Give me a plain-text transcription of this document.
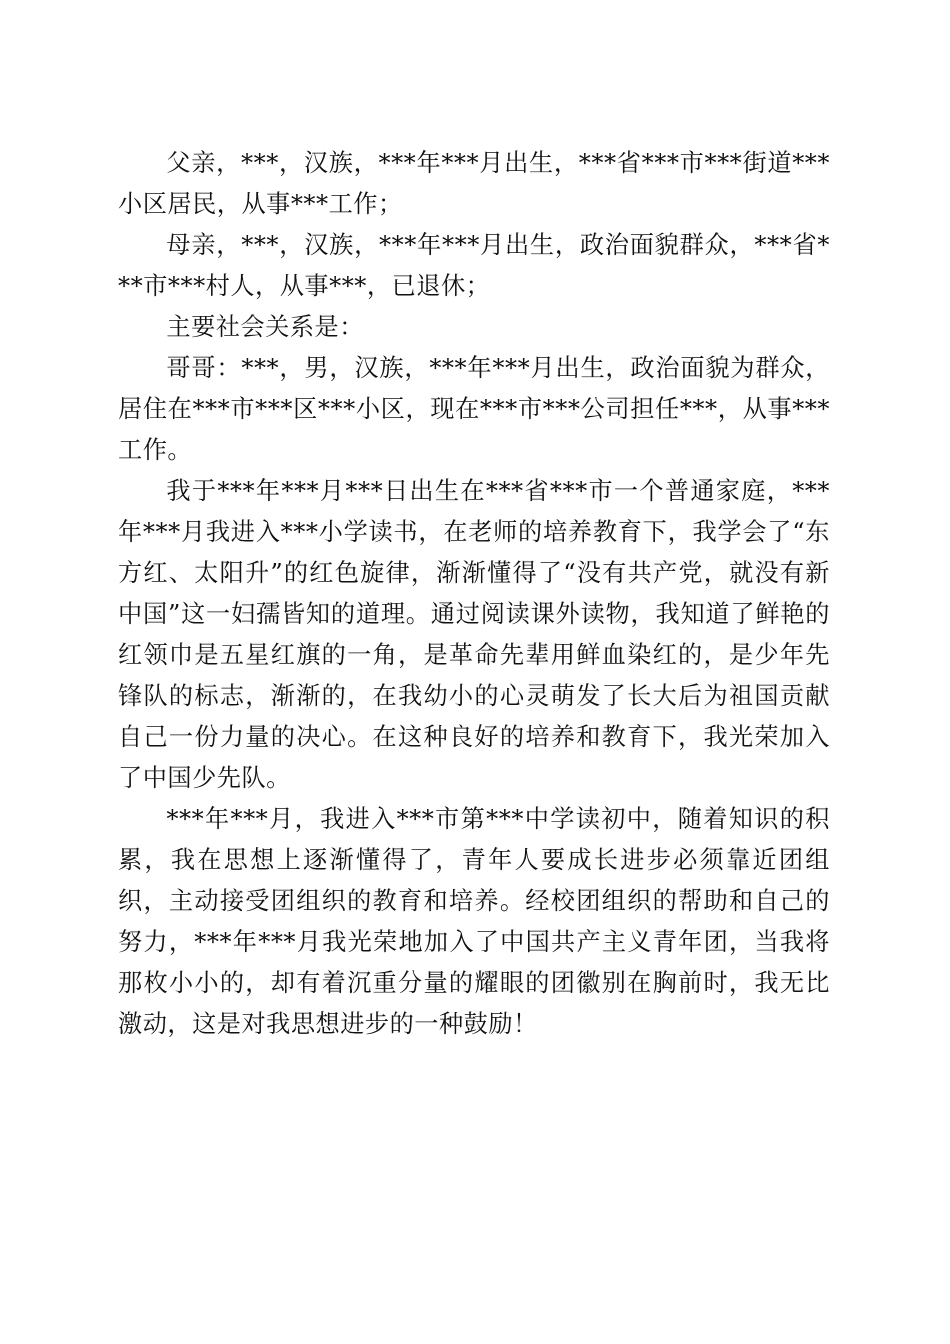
父亲，***，汉族，***年***月出生，***省***市***街道***小区居民，从事***工作；

母亲，***，汉族，***年***月出生，政治面貌群众，***省***市***村人，从事***，已退休；

主要社会关系是：

哥哥：***，男，汉族，***年***月出生，政治面貌为群众，居住在***市***区***小区，现在***市***公司担任***，从事***工作。

我于***年***月***日出生在***省***市一个普通家庭，***年***月我进入***小学读书，在老师的培养教育下，我学会了“东方红、太阳升”的红色旋律，渐渐懂得了“没有共产党，就没有新中国”这一妇孺皆知的道理。通过阅读课外读物，我知道了鲜艳的红领巾是五星红旗的一角，是革命先辈用鲜血染红的，是少年先锋队的标志，渐渐的，在我幼小的心灵萌发了长大后为祖国贡献自己一份力量的决心。在这种良好的培养和教育下，我光荣加入了中国少先队。

***年***月，我进入***市第***中学读初中，随着知识的积累，我在思想上逐渐懂得了，青年人要成长进步必须靠近团组织，主动接受团组织的教育和培养。经校团组织的帮助和自己的努力，***年***月我光荣地加入了中国共产主义青年团，当我将那枚小小的，却有着沉重分量的耀眼的团徽别在胸前时，我无比激动，这是对我思想进步的一种鼓励！
